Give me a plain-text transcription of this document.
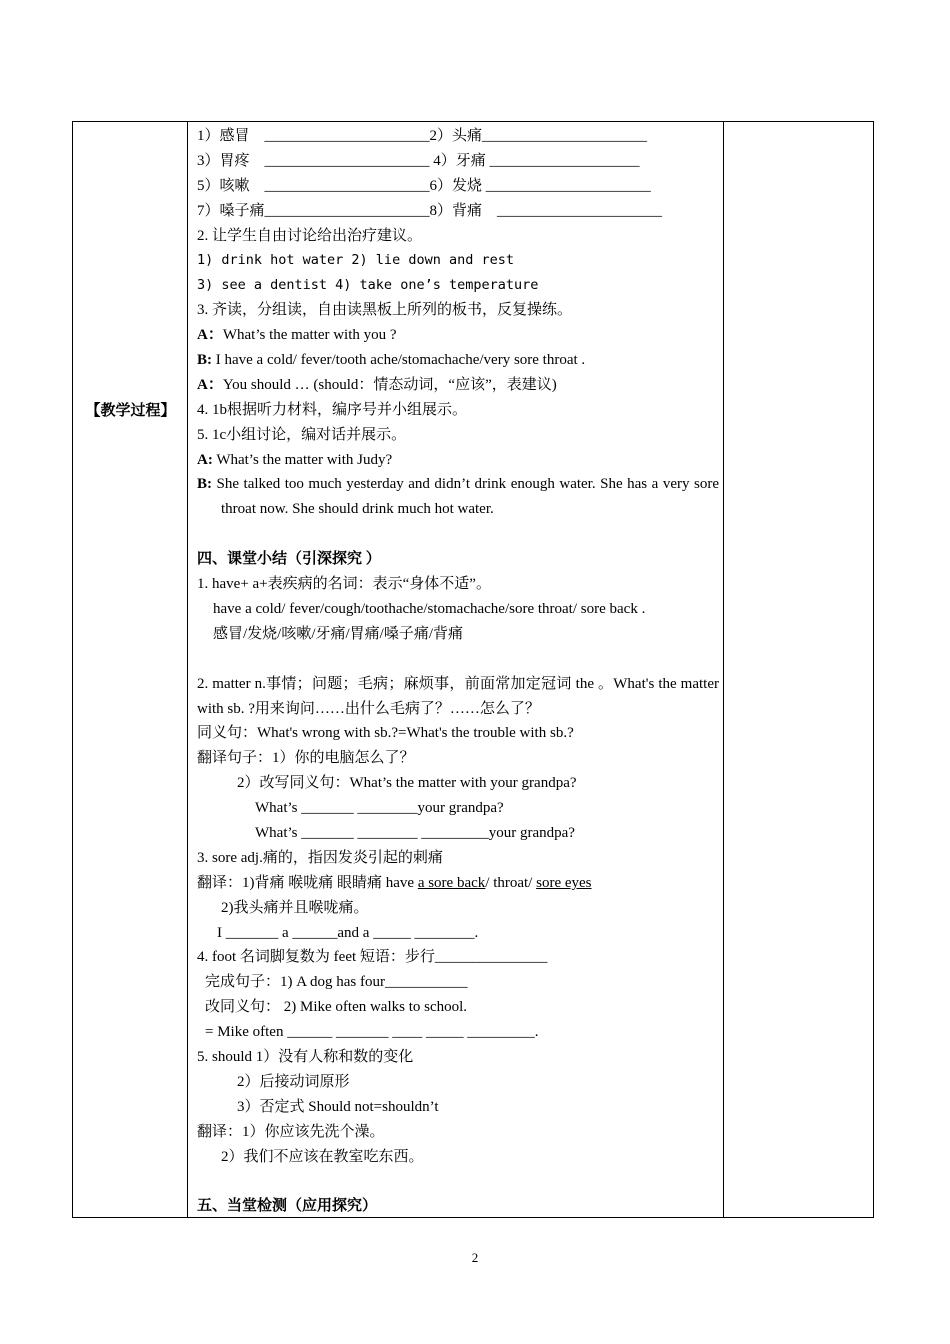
【教学过程】
1）感冒　______________________2）头痛______________________
3）胃疼　______________________ 4）牙痛 ____________________
5）咳嗽　______________________6）发烧 ______________________
7）嗓子痛______________________8）背痛　______________________
2. 让学生自由讨论给出治疗建议。
1) drink hot water 2) lie down and rest
3) see a dentist 4) take one’s temperature
3. 齐读，分组读，自由读黑板上所列的板书，反复操练。
A：What’s the matter with you ?
B: I have a cold/ fever/tooth ache/stomachache/very sore throat .
A：You should … (should：情态动词，“应该”，表建议)
4. 1b根据听力材料，编序号并小组展示。
5. 1c小组讨论，编对话并展示。
A: What’s the matter with Judy?
B: She talked too much yesterday and didn’t drink enough water. She has a very sore throat now. She should drink much hot water.
四、课堂小结（引深探究 ）
1. have+ a+表疾病的名词：表示“身体不适”。
have a cold/ fever/cough/toothache/stomachache/sore throat/ sore back .
感冒/发烧/咳嗽/牙痛/胃痛/嗓子痛/背痛
2. matter n.事情；问题；毛病；麻烦事，前面常加定冠词 the 。What's the matter with sb. ?用来询问……出什么毛病了？……怎么了？
同义句：What's wrong with sb.?=What's the trouble with sb.?
翻译句子：1）你的电脑怎么了？
2）改写同义句：What’s the matter with your grandpa?
What’s _______ ________your grandpa?
What’s _______ ________ _________your grandpa?
3. sore adj.痛的，指因发炎引起的刺痛
翻译：1)背痛 喉咙痛 眼睛痛 have a sore back/ throat/ sore eyes
2)我头痛并且喉咙痛。
I _______ a ______and a _____ ________.
4. foot 名词脚复数为 feet 短语：步行_______________
完成句子：1) A dog has four___________
改同义句： 2) Mike often walks to school.
= Mike often ______ _______ ____ _____ _________.
5. should 1）没有人称和数的变化
2）后接动词原形
3）否定式 Should not=shouldn’t
翻译：1）你应该先洗个澡。
2）我们不应该在教室吃东西。
五、当堂检测（应用探究）
2
